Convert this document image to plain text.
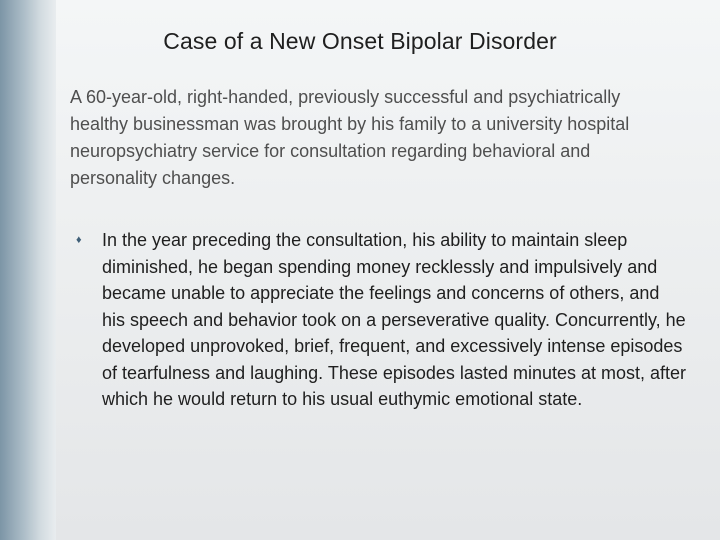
Case of a New Onset Bipolar Disorder

A 60-year-old, right-handed, previously successful and psychiatrically healthy businessman was brought by his family to a university hospital neuropsychiatry service for consultation regarding behavioral and personality changes.

♦	In the year preceding the consultation, his ability to maintain sleep diminished, he began spending money recklessly and impulsively and became unable to appreciate the feelings and concerns of others, and his speech and behavior took on a perseverative quality. Concurrently, he developed unprovoked, brief, frequent, and excessively intense episodes of tearfulness and laughing. These episodes lasted minutes at most, after which he would return to his usual euthymic emotional state.
